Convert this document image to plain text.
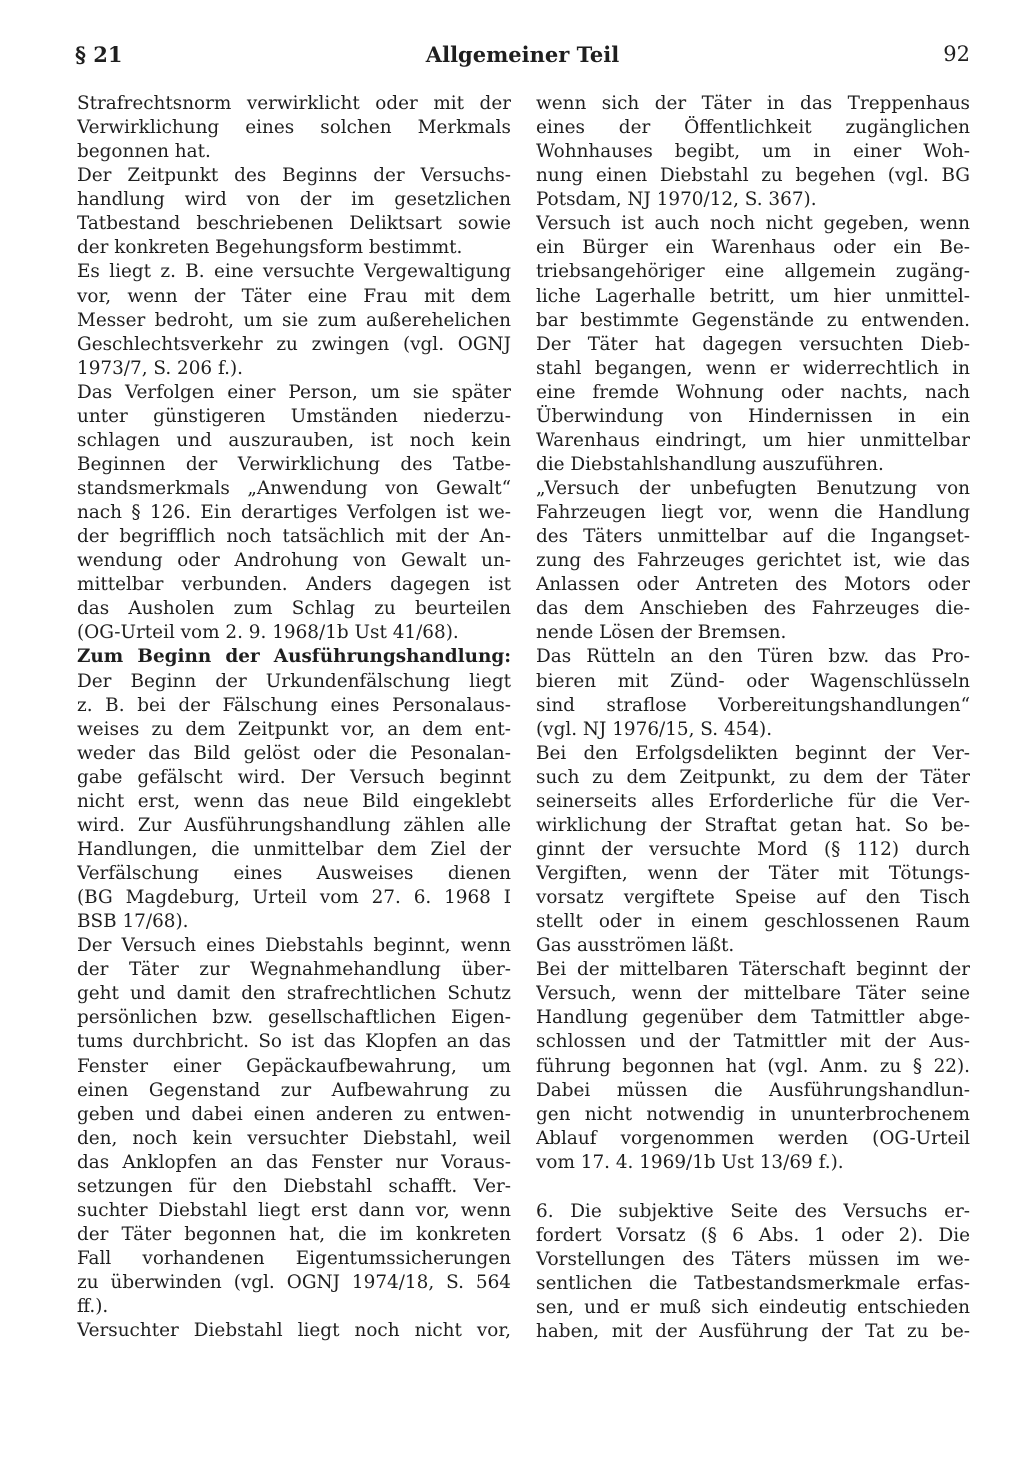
§ 21	Allgemeiner Teil	92
Strafrechtsnorm verwirklicht oder mit der
Verwirklichung eines solchen Merkmals
begonnen hat.
Der Zeitpunkt des Beginns der Versuchs-
handlung wird von der im gesetzlichen
Tatbestand beschriebenen Deliktsart sowie
der konkreten Begehungsform bestimmt.
Es liegt z. B. eine versuchte Vergewaltigung
vor, wenn der Täter eine Frau mit dem
Messer bedroht, um sie zum außerehelichen
Geschlechtsverkehr zu zwingen (vgl. OGNJ
1973/7, S. 206 f.).
Das Verfolgen einer Person, um sie später
unter günstigeren Umständen niederzu-
schlagen und auszurauben, ist noch kein
Beginnen der Verwirklichung des Tatbe-
standsmerkmals „Anwendung von Gewalt“
nach § 126. Ein derartiges Verfolgen ist we-
der begrifflich noch tatsächlich mit der An-
wendung oder Androhung von Gewalt un-
mittelbar verbunden. Anders dagegen ist
das Ausholen zum Schlag zu beurteilen
(OG-Urteil vom 2. 9. 1968/1b Ust 41/68).
Zum Beginn der Ausführungshandlung:
Der Beginn der Urkundenfälschung liegt
z. B. bei der Fälschung eines Personalaus-
weises zu dem Zeitpunkt vor, an dem ent-
weder das Bild gelöst oder die Pesonalan-
gabe gefälscht wird. Der Versuch beginnt
nicht erst, wenn das neue Bild eingeklebt
wird. Zur Ausführungshandlung zählen alle
Handlungen, die unmittelbar dem Ziel der
Verfälschung eines Ausweises dienen
(BG Magdeburg, Urteil vom 27. 6. 1968 I
BSB 17/68).
Der Versuch eines Diebstahls beginnt, wenn
der Täter zur Wegnahmehandlung über-
geht und damit den strafrechtlichen Schutz
persönlichen bzw. gesellschaftlichen Eigen-
tums durchbricht. So ist das Klopfen an das
Fenster einer Gepäckaufbewahrung, um
einen Gegenstand zur Aufbewahrung zu
geben und dabei einen anderen zu entwen-
den, noch kein versuchter Diebstahl, weil
das Anklopfen an das Fenster nur Voraus-
setzungen für den Diebstahl schafft. Ver-
suchter Diebstahl liegt erst dann vor, wenn
der Täter begonnen hat, die im konkreten
Fall vorhandenen Eigentumssicherungen
zu überwinden (vgl. OGNJ 1974/18, S. 564
ff.).
Versuchter Diebstahl liegt noch nicht vor,
wenn sich der Täter in das Treppenhaus
eines der Öffentlichkeit zugänglichen
Wohnhauses begibt, um in einer Woh-
nung einen Diebstahl zu begehen (vgl. BG
Potsdam, NJ 1970/12, S. 367).
Versuch ist auch noch nicht gegeben, wenn
ein Bürger ein Warenhaus oder ein Be-
triebsangehöriger eine allgemein zugäng-
liche Lagerhalle betritt, um hier unmittel-
bar bestimmte Gegenstände zu entwenden.
Der Täter hat dagegen versuchten Dieb-
stahl begangen, wenn er widerrechtlich in
eine fremde Wohnung oder nachts, nach
Überwindung von Hindernissen in ein
Warenhaus eindringt, um hier unmittelbar
die Diebstahlshandlung auszuführen.
„Versuch der unbefugten Benutzung von
Fahrzeugen liegt vor, wenn die Handlung
des Täters unmittelbar auf die Ingangset-
zung des Fahrzeuges gerichtet ist, wie das
Anlassen oder Antreten des Motors oder
das dem Anschieben des Fahrzeuges die-
nende Lösen der Bremsen.
Das Rütteln an den Türen bzw. das Pro-
bieren mit Zünd- oder Wagenschlüsseln
sind straflose Vorbereitungshandlungen“
(vgl. NJ 1976/15, S. 454).
Bei den Erfolgsdelikten beginnt der Ver-
such zu dem Zeitpunkt, zu dem der Täter
seinerseits alles Erforderliche für die Ver-
wirklichung der Straftat getan hat. So be-
ginnt der versuchte Mord (§ 112) durch
Vergiften, wenn der Täter mit Tötungs-
vorsatz vergiftete Speise auf den Tisch
stellt oder in einem geschlossenen Raum
Gas ausströmen läßt.
Bei der mittelbaren Täterschaft beginnt der
Versuch, wenn der mittelbare Täter seine
Handlung gegenüber dem Tatmittler abge-
schlossen und der Tatmittler mit der Aus-
führung begonnen hat (vgl. Anm. zu § 22).
Dabei müssen die Ausführungshandlun-
gen nicht notwendig in ununterbrochenem
Ablauf vorgenommen werden (OG-Urteil
vom 17. 4. 1969/1b Ust 13/69 f.).
6. Die subjektive Seite des Versuchs er-
fordert Vorsatz (§ 6 Abs. 1 oder 2). Die
Vorstellungen des Täters müssen im we-
sentlichen die Tatbestandsmerkmale erfas-
sen, und er muß sich eindeutig entschieden
haben, mit der Ausführung der Tat zu be-
